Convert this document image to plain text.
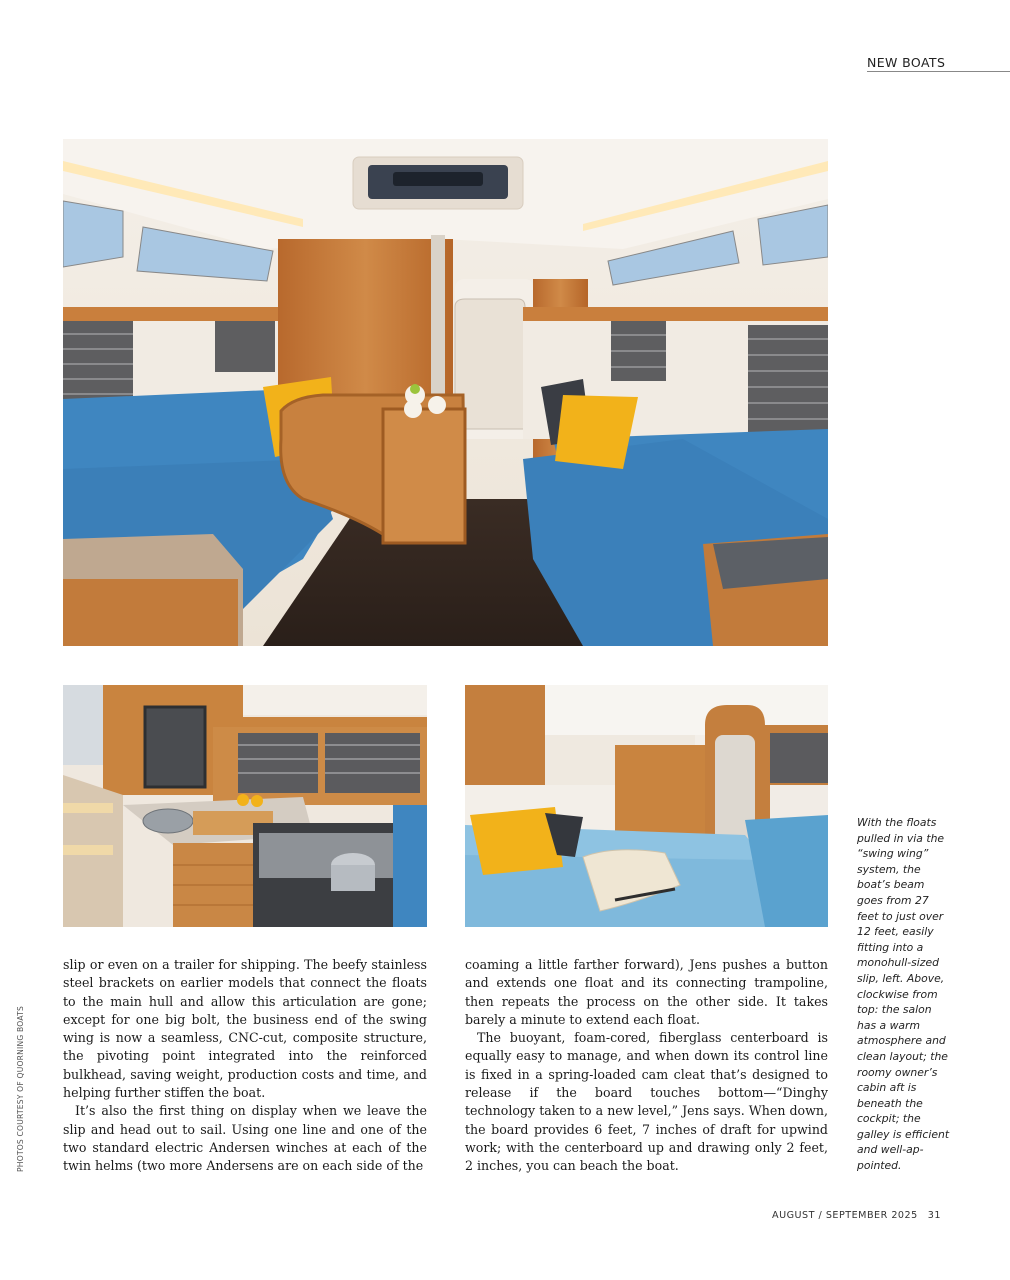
NEW BOATS

slip or even on a trailer for shipping. The beefy stainless steel brackets on earlier models that connect the floats to the main hull and allow this articulation are gone; except for one big bolt, the business end of the swing wing is now a seamless, CNC-cut, composite structure, the pivoting point integrated into the reinforced bulkhead, saving weight, production costs and time, and helping further stiffen the boat.

It’s also the first thing on display when we leave the slip and head out to sail. Using one line and one of the two standard electric Andersen winches at each of the twin helms (two more Andersens are on each side of the

coaming a little farther forward), Jens pushes a button and extends one float and its connecting trampoline, then repeats the process on the other side. It takes barely a minute to extend each float.

The buoyant, foam-cored, fiberglass centerboard is equally easy to manage, and when down its control line is fixed in a spring-loaded cam cleat that’s designed to release if the board touches bottom—“Dinghy technology taken to a new level,” Jens says. When down, the board provides 6 feet, 7 inches of draft for upwind work; with the centerboard up and drawing only 2 feet, 2 inches, you can beach the boat.

With the floats pulled in via the “swing wing” system, the boat’s beam goes from 27 feet to just over 12 feet, easily fitting into a monohull-sized slip, left. Above, clockwise from top: the salon has a warm atmosphere and clean layout; the roomy owner’s cabin aft is beneath the cockpit; the galley is efficient and well-appointed.
PHOTOS COURTESY OF QUORNING BOATS
AUGUST / SEPTEMBER 2025 31
